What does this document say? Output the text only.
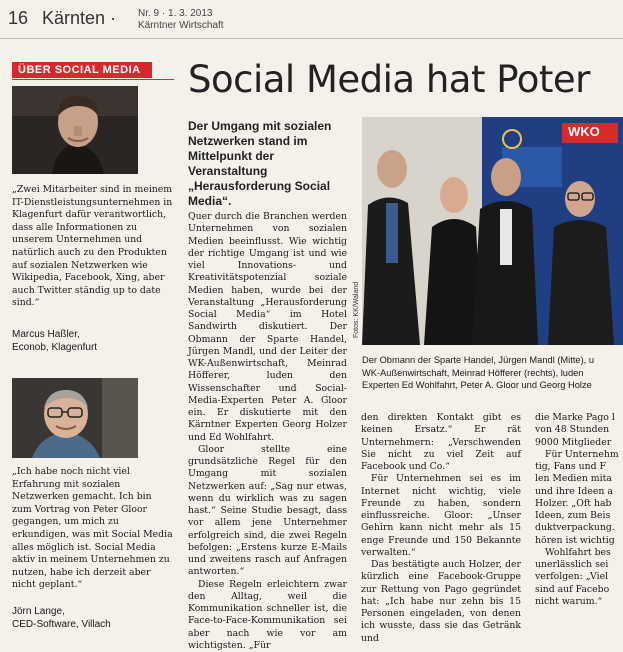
16 Kärnten · Nr. 9 · 1. 3. 2013
Kärntner Wirtschaft
ÜBER SOCIAL MEDIA	Social Media hat Poter
„Zwei Mitarbeiter sind in meinem IT-Dienstleistungsunternehmen in Klagenfurt dafür verantwortlich, dass alle Informationen zu unserem Unternehmen und natürlich auch zu den Produkten auf sozialen Netzwerken wie Wikipedia, Facebook, Xing, aber auch Twitter ständig up to date sind.“
Marcus Haßler,
Econob, Klagenfurt
„Ich habe noch nicht viel Erfahrung mit sozialen Netzwerken gemacht. Ich bin zum Vortrag von Peter Gloor gegangen, um mich zu erkundigen, was mit Social Media alles möglich ist. Social Media aktiv in meinem Unternehmen zu nutzen, habe ich derzeit aber nicht geplant.“
Jörn Lange,
CED-Software, Villach
Der Umgang mit sozialen Netzwerken stand im Mittelpunkt der Veranstaltung „Herausforderung Social Media“.
WKO
Fotos: KK/Waland
Der Obmann der Sparte Handel, Jürgen Mandl (Mitte), u
WK-Außenwirtschaft, Meinrad Höfferer (rechts), luden
Experten Ed Wohlfahrt, Peter A. Gloor und Georg Holze

Quer durch die Branchen werden Unternehmen von sozialen Medien beeinflusst. Wie wichtig der richtige Umgang ist und wie viel Innovations- und Kreativitätspotenzial soziale Medien haben, wurde bei der Veranstaltung „Herausforderung Social Media“ im Hotel Sandwirth diskutiert. Der Obmann der Sparte Handel, Jürgen Mandl, und der Leiter der WK-Außenwirtschaft, Meinrad Höfferer, luden den Wissenschafter und Social-Media-Experten Peter A. Gloor ein. Er diskutierte mit den Kärntner Experten Georg Holzer und Ed Wohlfahrt.

Gloor stellte eine grundsätzliche Regel für den Umgang mit sozialen Netzwerken auf: „Sag nur etwas, wenn du wirklich was zu sagen hast.“ Seine Studie besagt, dass vor allem jene Unternehmer erfolgreich sind, die zwei Regeln befolgen: „Erstens kurze E-Mails und zweitens rasch auf Anfragen antworten.“

Diese Regeln erleichtern zwar den Alltag, weil die Kommunikation schneller ist, die Face-to-Face-Kommunikation sei aber nach wie vor am wichtigsten. „Für

den direkten Kontakt gibt es keinen Ersatz.“ Er rät Unternehmern: „Verschwenden Sie nicht zu viel Zeit auf Facebook und Co.“

Für Unternehmen sei es im Internet nicht wichtig, viele Freunde zu haben, sondern einflussreiche. Gloor: „Unser Gehirn kann nicht mehr als 15 enge Freunde und 150 Bekannte verwalten.“

Das bestätigte auch Holzer, der kürzlich eine Facebook-Gruppe zur Rettung von Pago gegründet hat: „Ich habe nur zehn bis 15 Personen eingeladen, von denen ich wusste, dass sie das Getränk und

die Marke Pago l
von 48 Stunden
9000 Mitglieder
Für Unternehm
tig, Fans und F
len Medien mita
und ihre Ideen a
Holzer. „Oft hab
Ideen, zum Beis
duktverpackung.
hören ist wichtig
Wohlfahrt bes
unerlässlich sei
verfolgen: „Viel
sind auf Facebo
nicht warum.“
